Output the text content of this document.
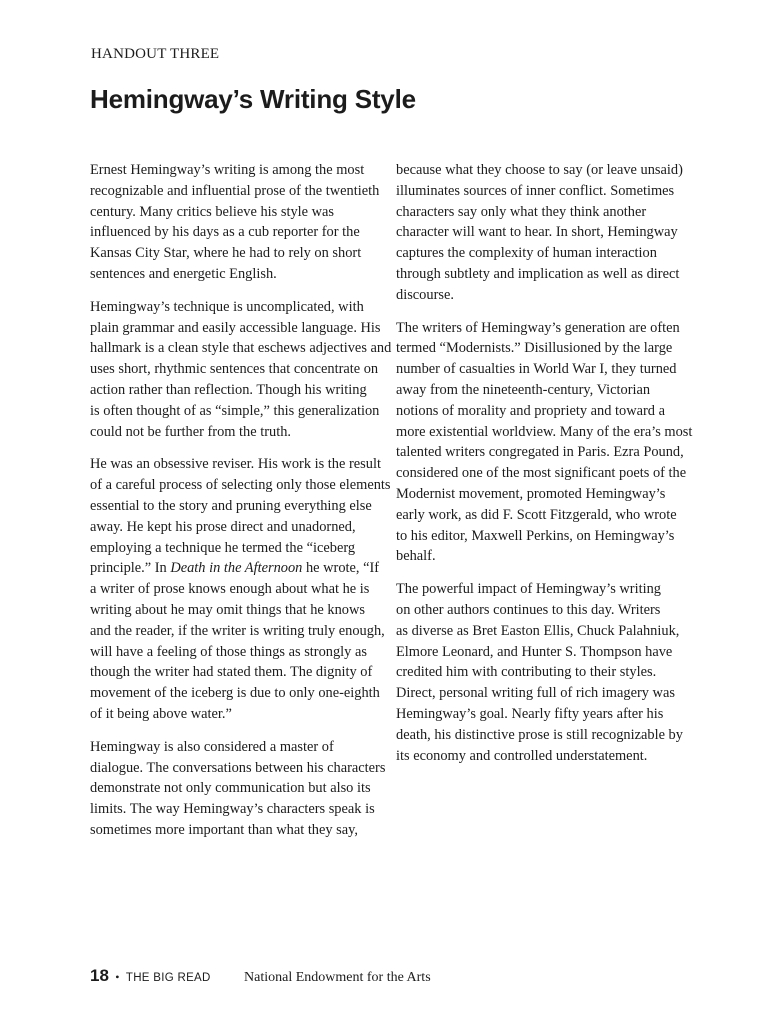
HANDOUT THREE
Hemingway’s Writing Style

Ernest Hemingway’s writing is among the most
recognizable and influential prose of the twentieth
century. Many critics believe his style was
influenced by his days as a cub reporter for the
Kansas City Star, where he had to rely on short
sentences and energetic English.

Hemingway’s technique is uncomplicated, with
plain grammar and easily accessible language. His
hallmark is a clean style that eschews adjectives and
uses short, rhythmic sentences that concentrate on
action rather than reflection. Though his writing
is often thought of as “simple,” this generalization
could not be further from the truth.

He was an obsessive reviser. His work is the result
of a careful process of selecting only those elements
essential to the story and pruning everything else
away. He kept his prose direct and unadorned,
employing a technique he termed the “iceberg
principle.” In Death in the Afternoon he wrote, “If
a writer of prose knows enough about what he is
writing about he may omit things that he knows
and the reader, if the writer is writing truly enough,
will have a feeling of those things as strongly as
though the writer had stated them. The dignity of
movement of the iceberg is due to only one-eighth
of it being above water.”

Hemingway is also considered a master of
dialogue. The conversations between his characters
demonstrate not only communication but also its
limits. The way Hemingway’s characters speak is
sometimes more important than what they say,

because what they choose to say (or leave unsaid)
illuminates sources of inner conflict. Sometimes
characters say only what they think another
character will want to hear. In short, Hemingway
captures the complexity of human interaction
through subtlety and implication as well as direct
discourse.

The writers of Hemingway’s generation are often
termed “Modernists.” Disillusioned by the large
number of casualties in World War I, they turned
away from the nineteenth-century, Victorian
notions of morality and propriety and toward a
more existential worldview. Many of the era’s most
talented writers congregated in Paris. Ezra Pound,
considered one of the most significant poets of the
Modernist movement, promoted Hemingway’s
early work, as did F. Scott Fitzgerald, who wrote
to his editor, Maxwell Perkins, on Hemingway’s
behalf.

The powerful impact of Hemingway’s writing
on other authors continues to this day. Writers
as diverse as Bret Easton Ellis, Chuck Palahniuk,
Elmore Leonard, and Hunter S. Thompson have
credited him with contributing to their styles.
Direct, personal writing full of rich imagery was
Hemingway’s goal. Nearly fifty years after his
death, his distinctive prose is still recognizable by
its economy and controlled understatement.

18 • THE BIG READ National Endowment for the Arts
